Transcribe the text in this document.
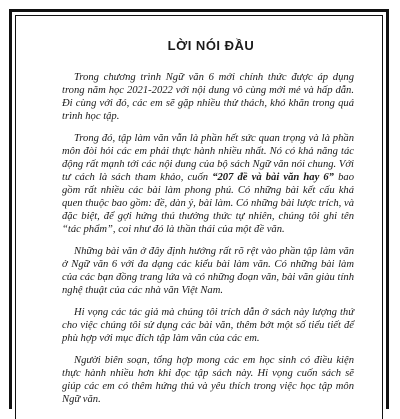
LỜI NÓI ĐẦU

Trong chương trình Ngữ văn 6 mới chính thức được áp dụng trong năm học 2021-2022 với nội dung vô cùng mới mẻ và hấp dẫn. Đi cùng với đó, các em sẽ gặp nhiều thử thách, khó khăn trong quá trình học tập.

Trong đó, tập làm văn vẫn là phần hết sức quan trọng và là phần môn đòi hỏi các em phải thực hành nhiều nhất. Nó có khả năng tác động rất mạnh tới các nội dung của bộ sách Ngữ văn nói chung. Với tư cách là sách tham khảo, cuốn “207 đề và bài văn hay 6” bao gồm rất nhiều các bài làm phong phú. Có những bài kết cấu khá quen thuộc bao gồm: đề, dàn ý, bài làm. Có những bài lược trích, và đặc biệt, để gợi hứng thú thưởng thức tự nhiên, chúng tôi ghi tên “tác phẩm”, coi như đó là thần thái của một đề văn.

Những bài văn ở đây định hướng rất rõ rệt vào phần tập làm văn ở Ngữ văn 6 với đa dạng các kiểu bài làm văn. Có những bài làm của các bạn đồng trang lứa và có những đoạn văn, bài văn giàu tính nghệ thuật của các nhà văn Việt Nam.

Hi vọng các tác giả mà chúng tôi trích dẫn ở sách này lượng thứ cho việc chúng tôi sử dụng các bài văn, thêm bớt một số tiểu tiết để phù hợp với mục đích tập làm văn của các em.

Người biên soạn, tổng hợp mong các em học sinh có điều kiện thực hành nhiều hơn khi đọc tập sách này. Hi vọng cuốn sách sẽ giúp các em có thêm hứng thú và yêu thích trong việc học tập môn Ngữ văn.
